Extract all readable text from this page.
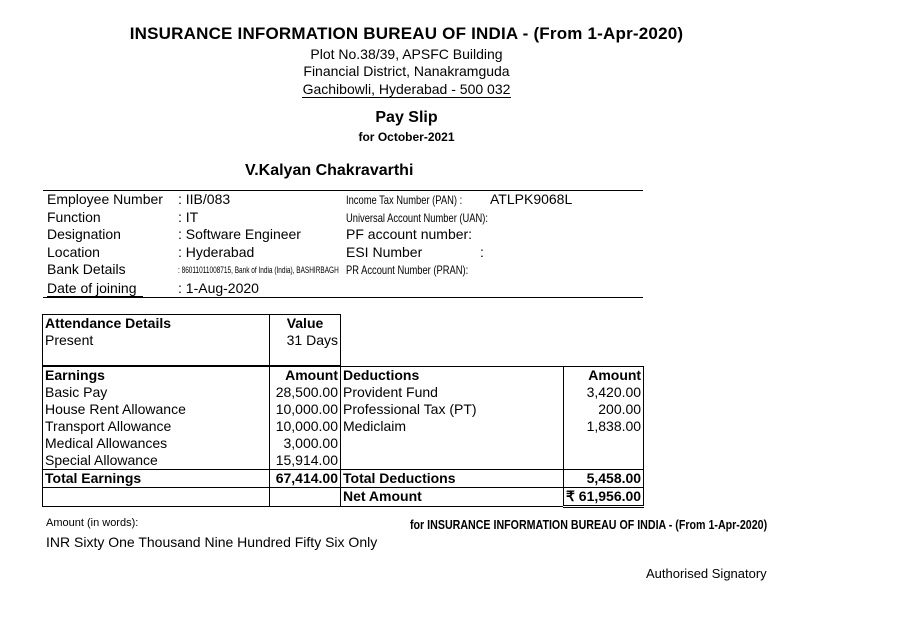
INSURANCE INFORMATION BUREAU OF INDIA - (From 1-Apr-2020)
Plot No.38/39, APSFC Building
Financial District, Nanakramguda
Gachibowli, Hyderabad - 500 032
Pay Slip
for October-2021
V.Kalyan Chakravarthi
Employee Number : IIB/083
Function	: IT
Designation	: Software Engineer
Location	: Hyderabad
Bank Details	: 86011011008715, Bank of India (India), BASHIRBAGH
Date of joining	: 1-Aug-2020
Income Tax Number (PAN) : ATLPK9068L
Universal Account Number (UAN):
PF account number:
ESI Number	:
PR Account Number (PRAN):
Attendance Details	Value
Present	31 Days

Earnings	Amount	Deductions	Amount
Basic Pay	28,500.00	Provident Fund	3,420.00
House Rent Allowance	10,000.00	Professional Tax (PT)	200.00
Transport Allowance	10,000.00	Mediclaim	1,838.00
Medical Allowances	3,000.00		
Special Allowance	15,914.00		
Total Earnings	67,414.00	Total Deductions	5,458.00
		Net Amount	₹ 61,956.00
Amount (in words):
INR Sixty One Thousand Nine Hundred Fifty Six Only
for INSURANCE INFORMATION BUREAU OF INDIA - (From 1-Apr-2020)
Authorised Signatory
